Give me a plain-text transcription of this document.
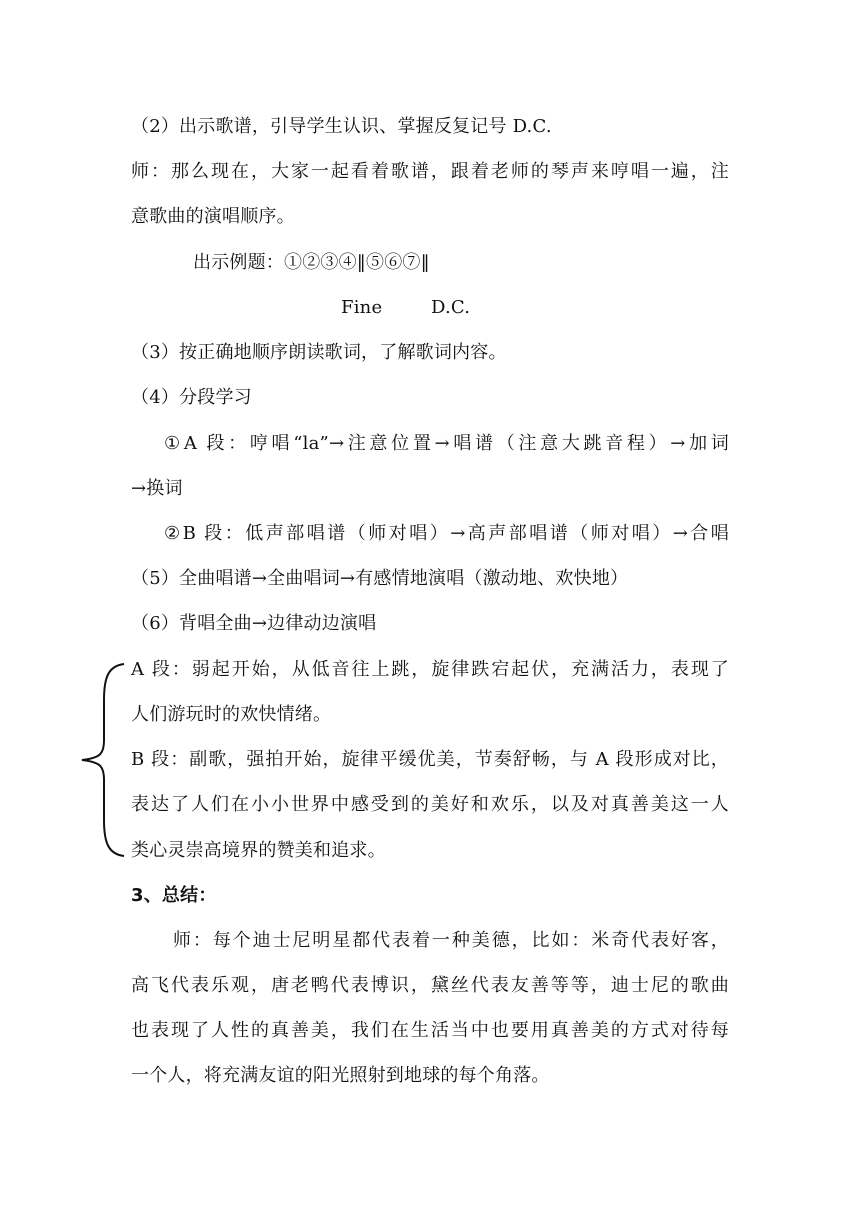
（2）出示歌谱，引导学生认识、掌握反复记号 D.C.
师：那么现在，大家一起看着歌谱，跟着老师的琴声来哼唱一遍，注
意歌曲的演唱顺序。
出示例题：①②③④‖⑤⑥⑦‖
Fine	D.C.
（3）按正确地顺序朗读歌词，了解歌词内容。
（4）分段学习
①A 段：哼唱“la”→注意位置→唱谱（注意大跳音程）→加词
→换词
②B 段：低声部唱谱（师对唱）→高声部唱谱（师对唱）→合唱
（5）全曲唱谱→全曲唱词→有感情地演唱（激动地、欢快地）
（6）背唱全曲→边律动边演唱
A 段：弱起开始，从低音往上跳，旋律跌宕起伏，充满活力，表现了
人们游玩时的欢快情绪。
B 段：副歌，强拍开始，旋律平缓优美，节奏舒畅，与 A 段形成对比，
表达了人们在小小世界中感受到的美好和欢乐，以及对真善美这一人
类心灵崇高境界的赞美和追求。
3、总结：
师：每个迪士尼明星都代表着一种美德，比如：米奇代表好客，
高飞代表乐观，唐老鸭代表博识，黛丝代表友善等等，迪士尼的歌曲
也表现了人性的真善美，我们在生活当中也要用真善美的方式对待每
一个人，将充满友谊的阳光照射到地球的每个角落。
